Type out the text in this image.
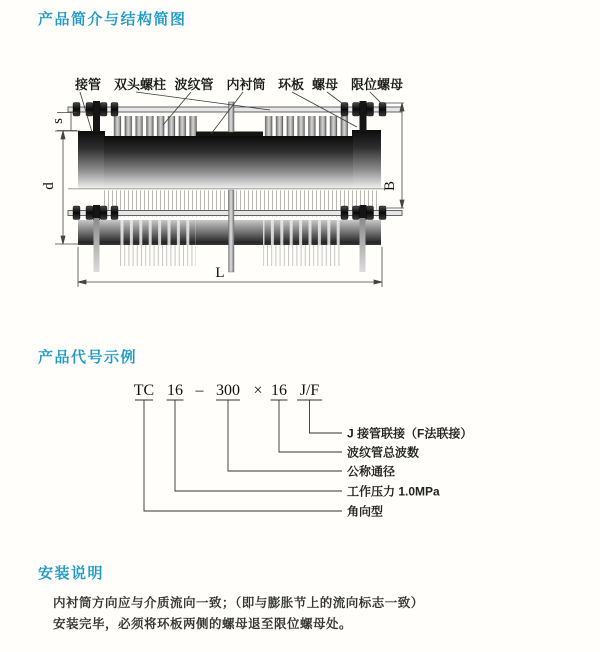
产品简介与结构简图
s
d	B
L
接管 双头螺柱 波纹管 内衬筒 环板 螺母 限位螺母
产品代号示例
TC 16 – 300 × 16 J/F
J 接管联接（F法联接）
波纹管总波数
公称通径
工作压力 1.0MPa
角向型
安装说明

内衬筒方向应与介质流向一致；（即与膨胀节上的流向标志一致）

安装完毕，必须将环板两侧的螺母退至限位螺母处。
